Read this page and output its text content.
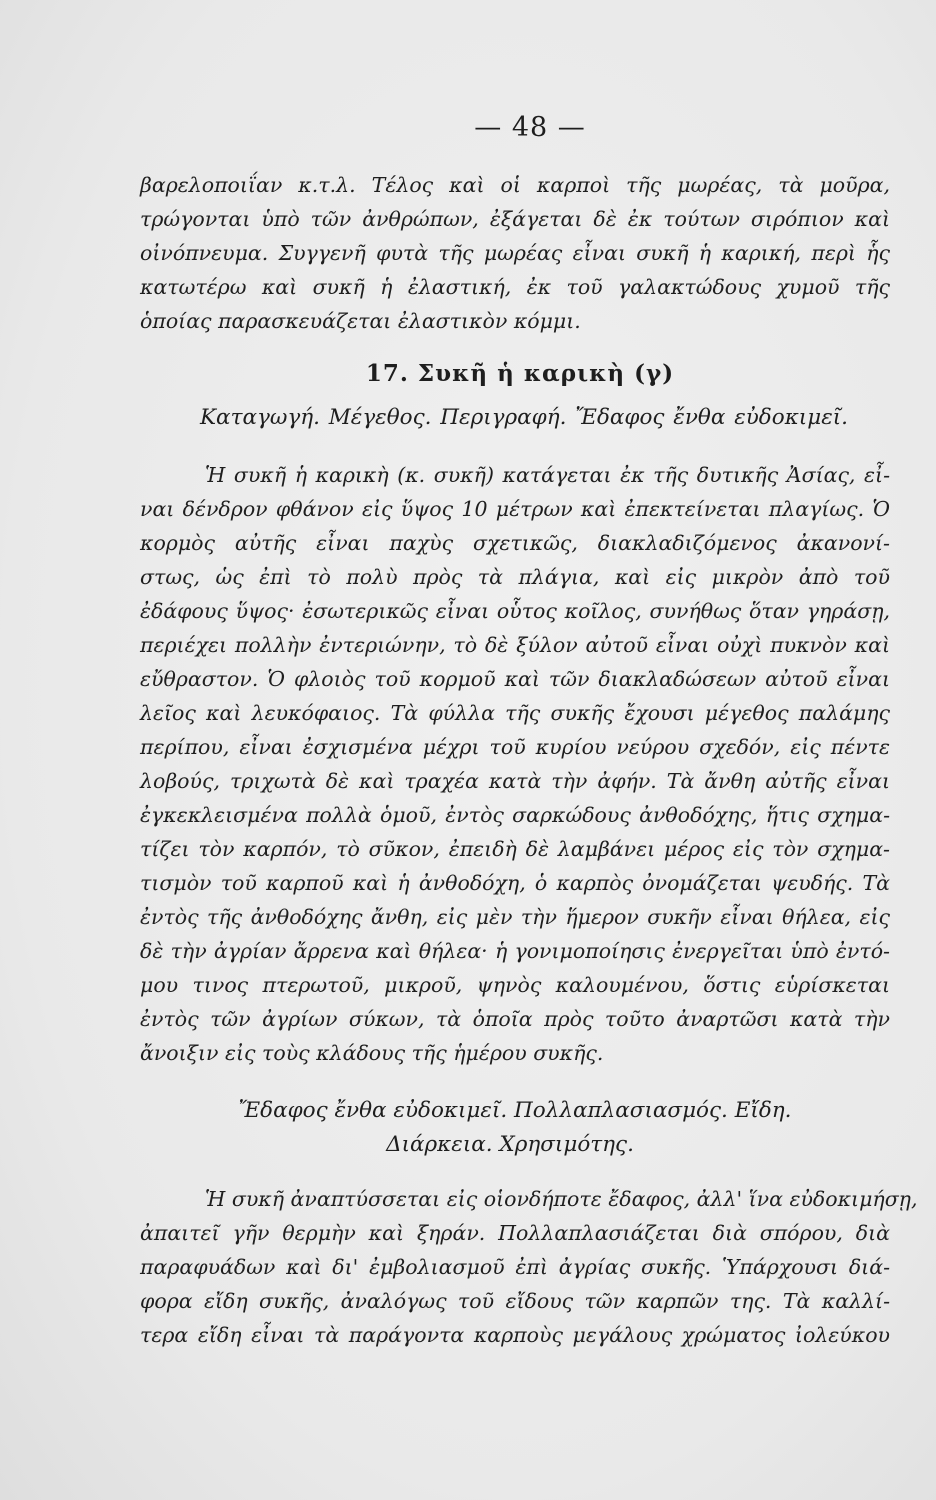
— 48 —
βαρελοποιΐαν κ.τ.λ. Τέλος καὶ οἱ καρποὶ τῆς μωρέας, τὰ μοῦρα,
τρώγονται ὑπὸ τῶν ἀνθρώπων, ἐξάγεται δὲ ἐκ τούτων σιρόπιον καὶ
οἰνόπνευμα. Συγγενῆ φυτὰ τῆς μωρέας εἶναι συκῆ ἡ καρική, περὶ ἧς
κατωτέρω καὶ συκῆ ἡ ἐλαστική, ἐκ τοῦ γαλακτώδους χυμοῦ τῆς
ὁποίας παρασκευάζεται ἐλαστικὸν κόμμι.
17. Συκῆ ἡ καρικὴ (γ)
Καταγωγή. Μέγεθος. Περιγραφή. Ἔδαφος ἔνθα εὐδοκιμεῖ.
Ἡ συκῆ ἡ καρικὴ (κ. συκῆ) κατάγεται ἐκ τῆς δυτικῆς Ἀσίας, εἶ-
ναι δένδρον φθάνον εἰς ὕψος 10 μέτρων καὶ ἐπεκτείνεται πλαγίως. Ὁ
κορμὸς αὐτῆς εἶναι παχὺς σχετικῶς, διακλαδιζόμενος ἀκανονί-
στως, ὡς ἐπὶ τὸ πολὺ πρὸς τὰ πλάγια, καὶ εἰς μικρὸν ἀπὸ τοῦ
ἐδάφους ὕψος· ἐσωτερικῶς εἶναι οὗτος κοῖλος, συνήθως ὅταν γηράσῃ,
περιέχει πολλὴν ἐντεριώνην, τὸ δὲ ξύλον αὐτοῦ εἶναι οὐχὶ πυκνὸν καὶ
εὔθραστον. Ὁ φλοιὸς τοῦ κορμοῦ καὶ τῶν διακλαδώσεων αὐτοῦ εἶναι
λεῖος καὶ λευκόφαιος. Τὰ φύλλα τῆς συκῆς ἔχουσι μέγεθος παλάμης
περίπου, εἶναι ἐσχισμένα μέχρι τοῦ κυρίου νεύρου σχεδόν, εἰς πέντε
λοβούς, τριχωτὰ δὲ καὶ τραχέα κατὰ τὴν ἀφήν. Τὰ ἄνθη αὐτῆς εἶναι
ἐγκεκλεισμένα πολλὰ ὁμοῦ, ἐντὸς σαρκώδους ἀνθοδόχης, ἥτις σχημα-
τίζει τὸν καρπόν, τὸ σῦκον, ἐπειδὴ δὲ λαμβάνει μέρος εἰς τὸν σχημα-
τισμὸν τοῦ καρποῦ καὶ ἡ ἀνθοδόχη, ὁ καρπὸς ὀνομάζεται ψευδής. Τὰ
ἐντὸς τῆς ἀνθοδόχης ἄνθη, εἰς μὲν τὴν ἥμερον συκῆν εἶναι θήλεα, εἰς
δὲ τὴν ἀγρίαν ἄρρενα καὶ θήλεα· ἡ γονιμοποίησις ἐνεργεῖται ὑπὸ ἐντό-
μου τινος πτερωτοῦ, μικροῦ, ψηνὸς καλουμένου, ὅστις εὑρίσκεται
ἐντὸς τῶν ἀγρίων σύκων, τὰ ὁποῖα πρὸς τοῦτο ἀναρτῶσι κατὰ τὴν
ἄνοιξιν εἰς τοὺς κλάδους τῆς ἡμέρου συκῆς.
Ἔδαφος ἔνθα εὐδοκιμεῖ. Πολλαπλασιασμός. Εἴδη.
Διάρκεια. Χρησιμότης.
Ἡ συκῆ ἀναπτύσσεται εἰς οἱονδήποτε ἔδαφος, ἀλλ' ἵνα εὐδοκιμήσῃ,
ἀπαιτεῖ γῆν θερμὴν καὶ ξηράν. Πολλαπλασιάζεται διὰ σπόρου, διὰ
παραφυάδων καὶ δι' ἐμβολιασμοῦ ἐπὶ ἀγρίας συκῆς. Ὑπάρχουσι διά-
φορα εἴδη συκῆς, ἀναλόγως τοῦ εἴδους τῶν καρπῶν της. Τὰ καλλί-
τερα εἴδη εἶναι τὰ παράγοντα καρποὺς μεγάλους χρώματος ἰολεύκου
